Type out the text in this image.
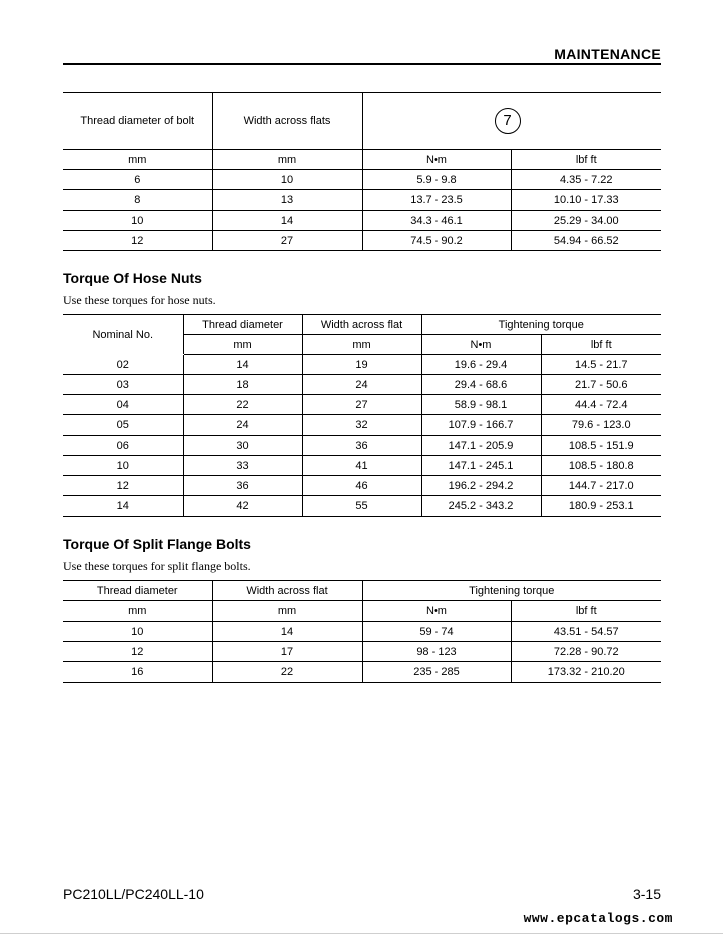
MAINTENANCE
Thread diameter of bolt	Width across flats	7	
mm	mm	N•m	lbf ft
6	10	5.9 - 9.8	4.35 - 7.22
8	13	13.7 - 23.5	10.10 - 17.33
10	14	34.3 - 46.1	25.29 - 34.00
12	27	74.5 - 90.2	54.94 - 66.52
Torque Of Hose Nuts
Use these torques for hose nuts.
Nominal No.	Thread diameter	Width across flat	Tightening torque	
	mm	mm	N•m	lbf ft
02	14	19	19.6 - 29.4	14.5 - 21.7
03	18	24	29.4 - 68.6	21.7 - 50.6
04	22	27	58.9 - 98.1	44.4 - 72.4
05	24	32	107.9 - 166.7	79.6 - 123.0
06	30	36	147.1 - 205.9	108.5 - 151.9
10	33	41	147.1 - 245.1	108.5 - 180.8
12	36	46	196.2 - 294.2	144.7 - 217.0
14	42	55	245.2 - 343.2	180.9 - 253.1
Torque Of Split Flange Bolts
Use these torques for split flange bolts.
Thread diameter	Width across flat	Tightening torque	
mm	mm	N•m	lbf ft
10	14	59 - 74	43.51 - 54.57
12	17	98 - 123	72.28 - 90.72
16	22	235 - 285	173.32 - 210.20
PC210LL/PC240LL-10	3-15
www.epcatalogs.com
